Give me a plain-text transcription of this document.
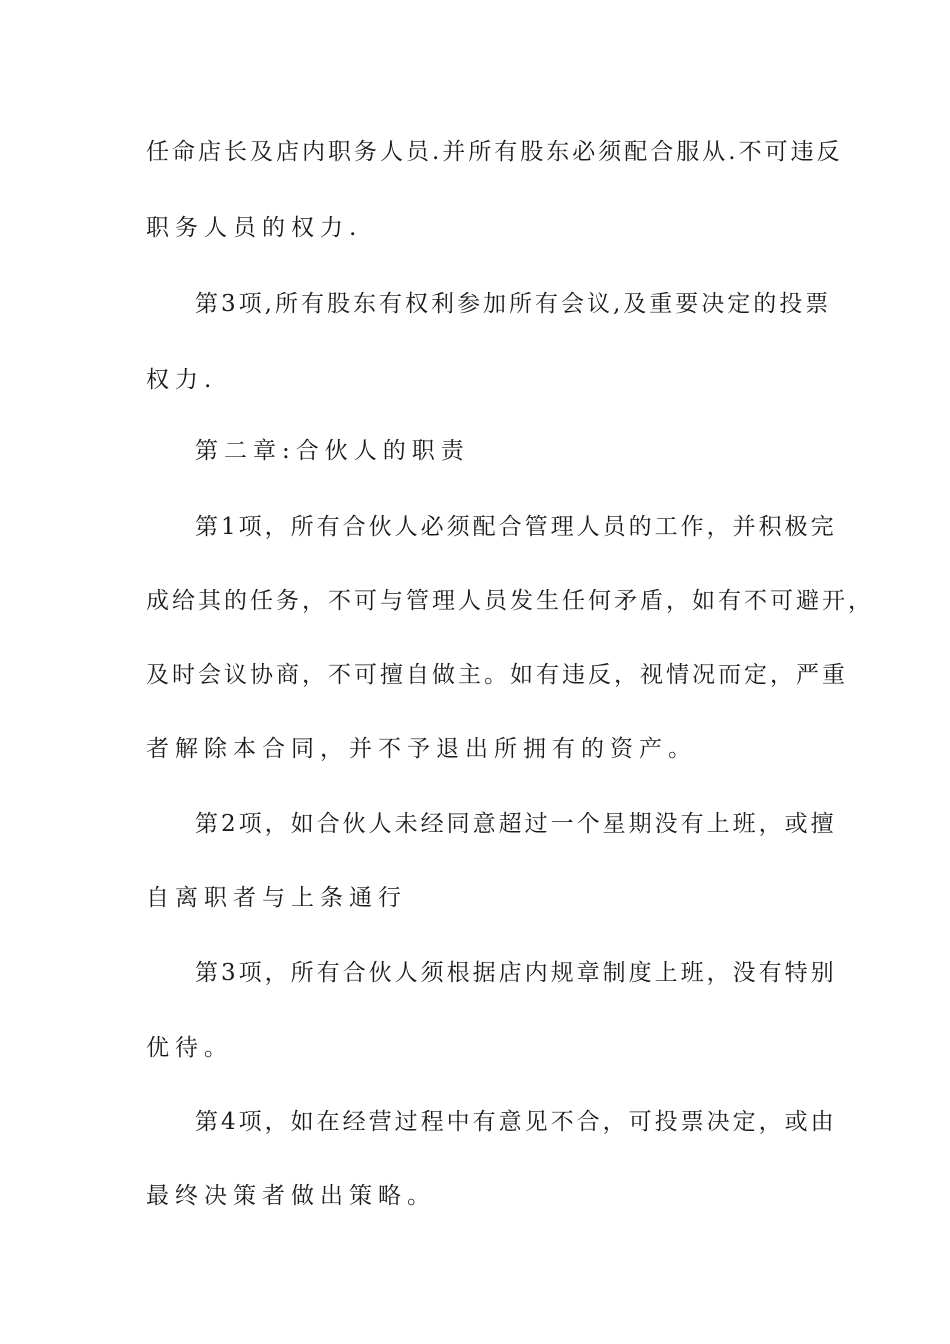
任命店长及店内职务人员.并所有股东必须配合服从.不可违反

职务人员的权力.

第3项,所有股东有权利参加所有会议,及重要决定的投票

权力.

第二章:合伙人的职责

第1项，所有合伙人必须配合管理人员的工作，并积极完

成给其的任务，不可与管理人员发生任何矛盾，如有不可避开，

及时会议协商，不可擅自做主。如有违反，视情况而定，严重

者解除本合同，并不予退出所拥有的资产。

第2项，如合伙人未经同意超过一个星期没有上班，或擅

自离职者与上条通行

第3项，所有合伙人须根据店内规章制度上班，没有特别

优待。

第4项，如在经营过程中有意见不合，可投票决定，或由

最终决策者做出策略。
